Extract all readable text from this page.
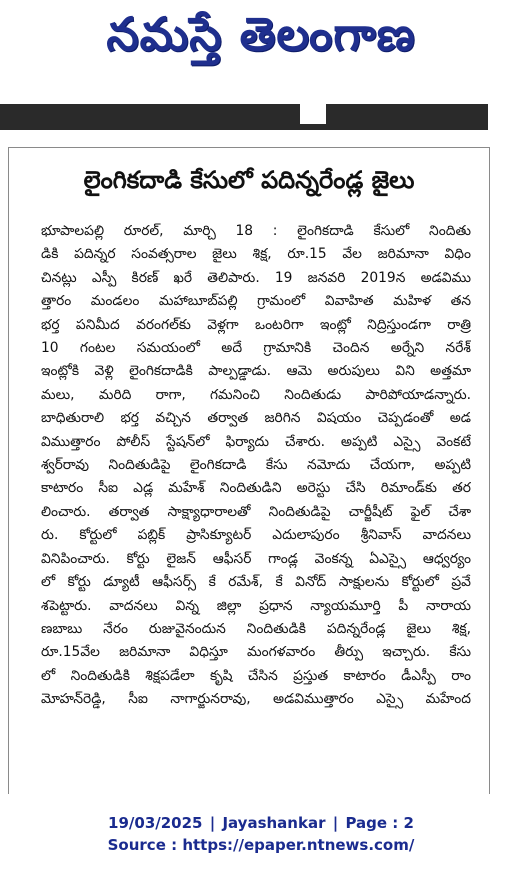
నమస్తే తెలంగాణ
లైంగికదాడి కేసులో పదిన్నరేండ్ల జైలు
భూపాలపల్లి రూరల్, మార్చి 18 : లైంగికదాడి కేసులో నిందితు
డికి పదిన్నర సంవత్సరాల జైలు శిక్ష, రూ.15 వేల జరిమానా విధిం
చినట్లు ఎస్పీ కిరణ్ ఖరే తెలిపారు. 19 జనవరి 2019న అడవిము
త్తారం మండలం మహాబూబ్‌పల్లి గ్రామంలో వివాహిత మహిళ తన
భర్త పనిమీద వరంగల్‌కు వెళ్లగా ఒంటరిగా ఇంట్లో నిద్రిస్తుండగా రాత్రి
10 గంటల సమయంలో అదే గ్రామానికి చెందిన అర్నేని నరేశ్
ఇంట్లోకి వెళ్లి లైంగికదాడికి పాల్పడ్డాడు. ఆమె అరుపులు విని అత్తమా
మలు, మరిది రాగా, గమనించి నిందితుడు పారిపోయాడన్నారు.
బాధితురాలి భర్త వచ్చిన తర్వాత జరిగిన విషయం చెప్పడంతో అడ
విముత్తారం పోలీస్ స్టేషన్‌లో ఫిర్యాదు చేశారు. అప్పటి ఎస్సై వెంకటే
శ్వర్‌రావు నిందితుడిపై లైంగికదాడి కేసు నమోదు చేయగా, అప్పటి
కాటారం సీఐ ఎడ్ల మహేశ్ నిందితుడిని అరెస్టు చేసి రిమాండ్‌కు తర
లించారు. తర్వాత సాక్ష్యాధారాలతో నిందితుడిపై చార్జీషీట్ ఫైల్ చేశా
రు. కోర్టులో పబ్లిక్ ప్రాసిక్యూటర్ ఎదులాపురం శ్రీనివాస్ వాదనలు
వినిపించారు. కోర్టు లైజన్ ఆఫీసర్ గాండ్ల వెంకన్న ఏఎస్సై ఆధ్వర్యం
లో కోర్టు డ్యూటీ ఆఫీసర్స్ కే రమేశ్, కే వినోద్ సాక్షులను కోర్టులో ప్రవే
శపెట్టారు. వాదనలు విన్న జిల్లా ప్రధాన న్యాయమూర్తి పీ నారాయ
ణబాబు నేరం రుజువైనందున నిందితుడికి పదిన్నరేండ్ల జైలు శిక్ష,
రూ.15వేల జరిమానా విధిస్తూ మంగళవారం తీర్పు ఇచ్చారు. కేసు
లో నిందితుడికి శిక్షపడేలా కృషి చేసిన ప్రస్తుత కాటారం డీఎస్పీ రాం
మోహన్‌రెడ్డి, సీఐ నాగార్జునరావు, అడవిముత్తారం ఎస్సై మహేంద
19/03/2025 | Jayashankar | Page : 2
Source : https://epaper.ntnews.com/
